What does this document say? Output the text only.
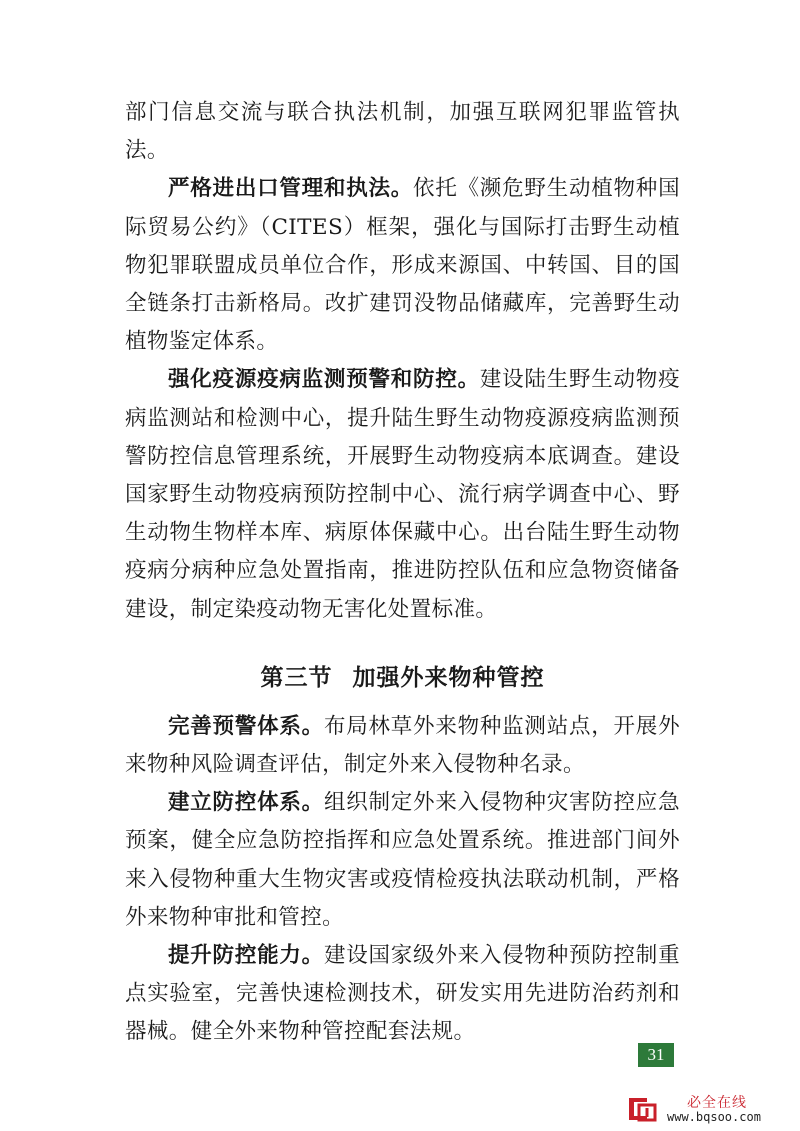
部门信息交流与联合执法机制，加强互联网犯罪监管执法。

严格进出口管理和执法。依托《濒危野生动植物种国际贸易公约》（CITES）框架，强化与国际打击野生动植物犯罪联盟成员单位合作，形成来源国、中转国、目的国全链条打击新格局。改扩建罚没物品储藏库，完善野生动植物鉴定体系。

强化疫源疫病监测预警和防控。建设陆生野生动物疫病监测站和检测中心，提升陆生野生动物疫源疫病监测预警防控信息管理系统，开展野生动物疫病本底调查。建设国家野生动物疫病预防控制中心、流行病学调查中心、野生动物生物样本库、病原体保藏中心。出台陆生野生动物疫病分病种应急处置指南，推进防控队伍和应急物资储备建设，制定染疫动物无害化处置标准。

第三节 加强外来物种管控

完善预警体系。布局林草外来物种监测站点，开展外来物种风险调查评估，制定外来入侵物种名录。

建立防控体系。组织制定外来入侵物种灾害防控应急预案，健全应急防控指挥和应急处置系统。推进部门间外来入侵物种重大生物灾害或疫情检疫执法联动机制，严格外来物种审批和管控。

提升防控能力。建设国家级外来入侵物种预防控制重点实验室，完善快速检测技术，研发实用先进防治药剂和器械。健全外来物种管控配套法规。

31
必全在线
www.bqsoo.com
